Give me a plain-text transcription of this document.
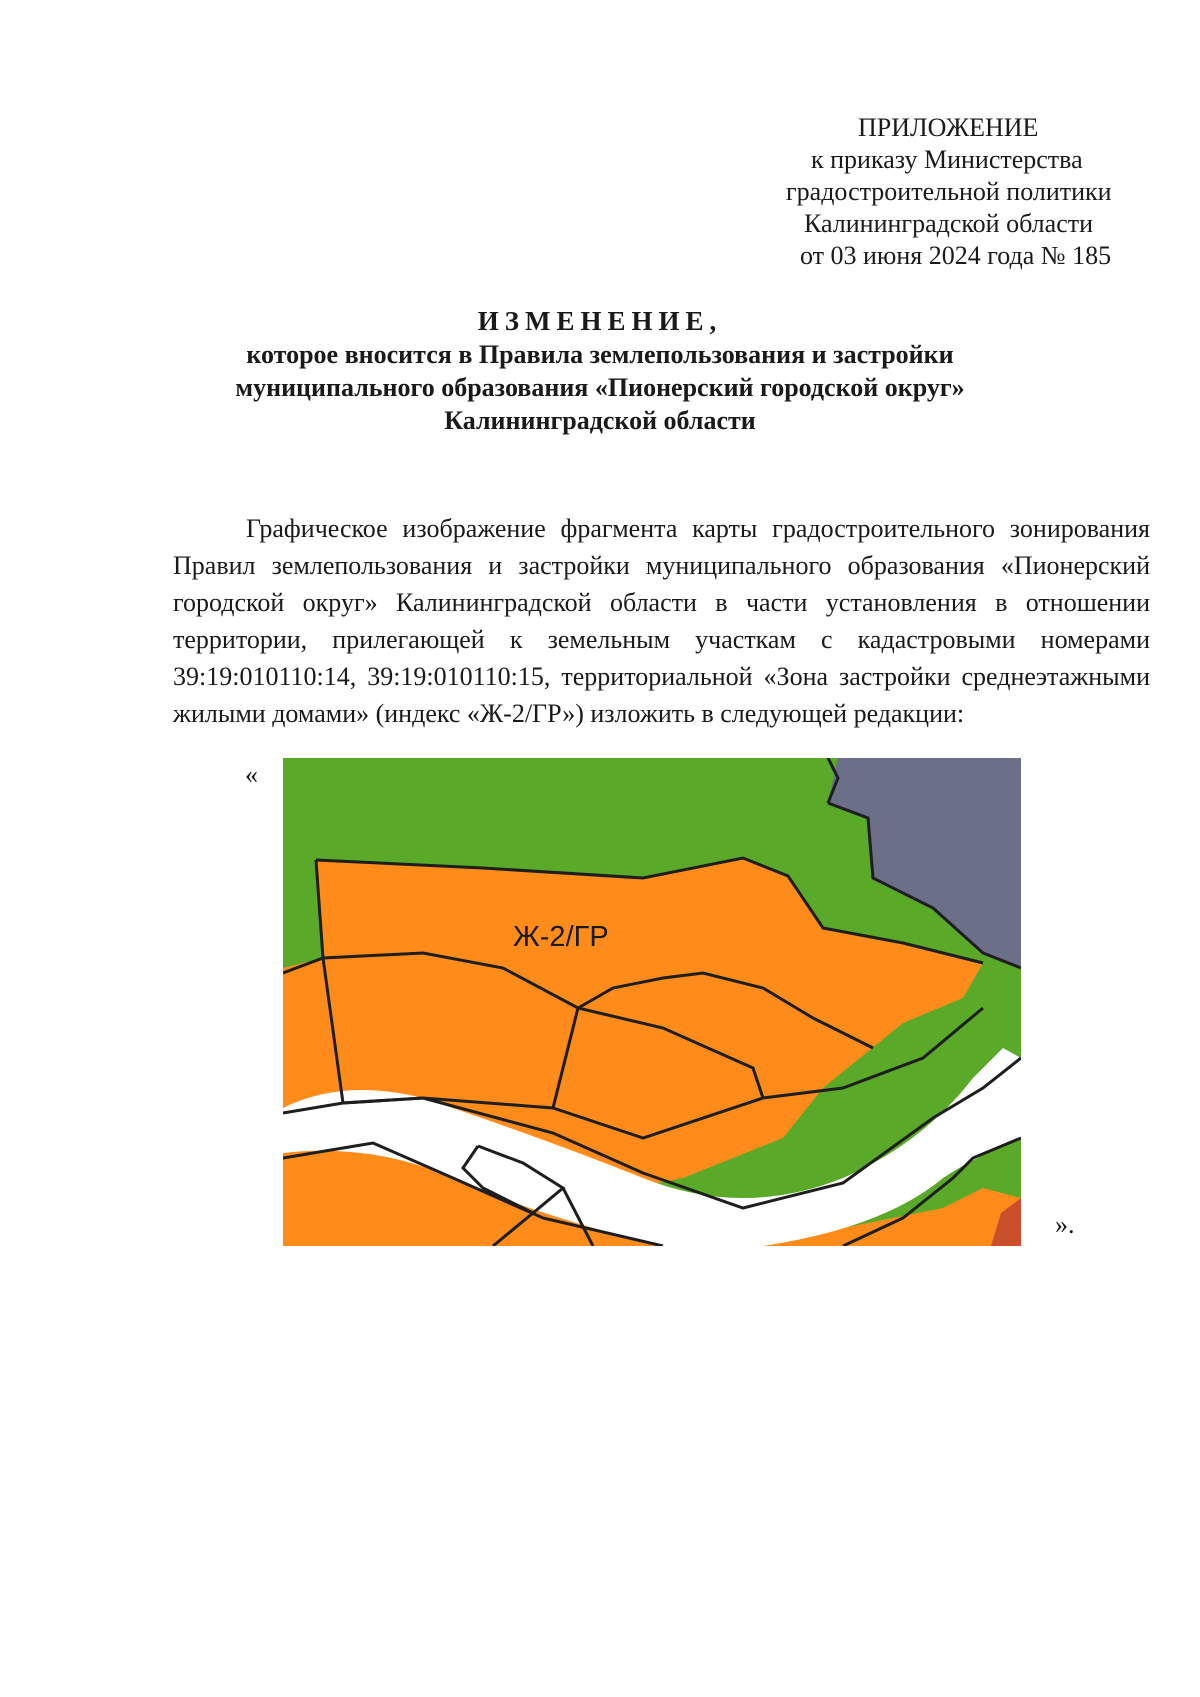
ПРИЛОЖЕНИЕ
к приказу Министерства
градостроительной политики
Калининградской области
от 03 июня 2024 года № 185
ИЗМЕНЕНИЕ,
которое вносится в Правила землепользования и застройки
муниципального образования «Пионерский городской округ»
Калининградской области

Графическое изображение фрагмента карты градостроительного зонирования Правил землепользования и застройки муниципального образования «Пионерский городской округ» Калининградской области в части установления в отношении территории, прилегающей к земельным участкам с кадастровыми номерами 39:19:010110:14, 39:19:010110:15, территориальной «Зона застройки среднеэтажными жилыми домами» (индекс «Ж-2/ГР») изложить в следующей редакции:

«
Ж-2/ГР
».
